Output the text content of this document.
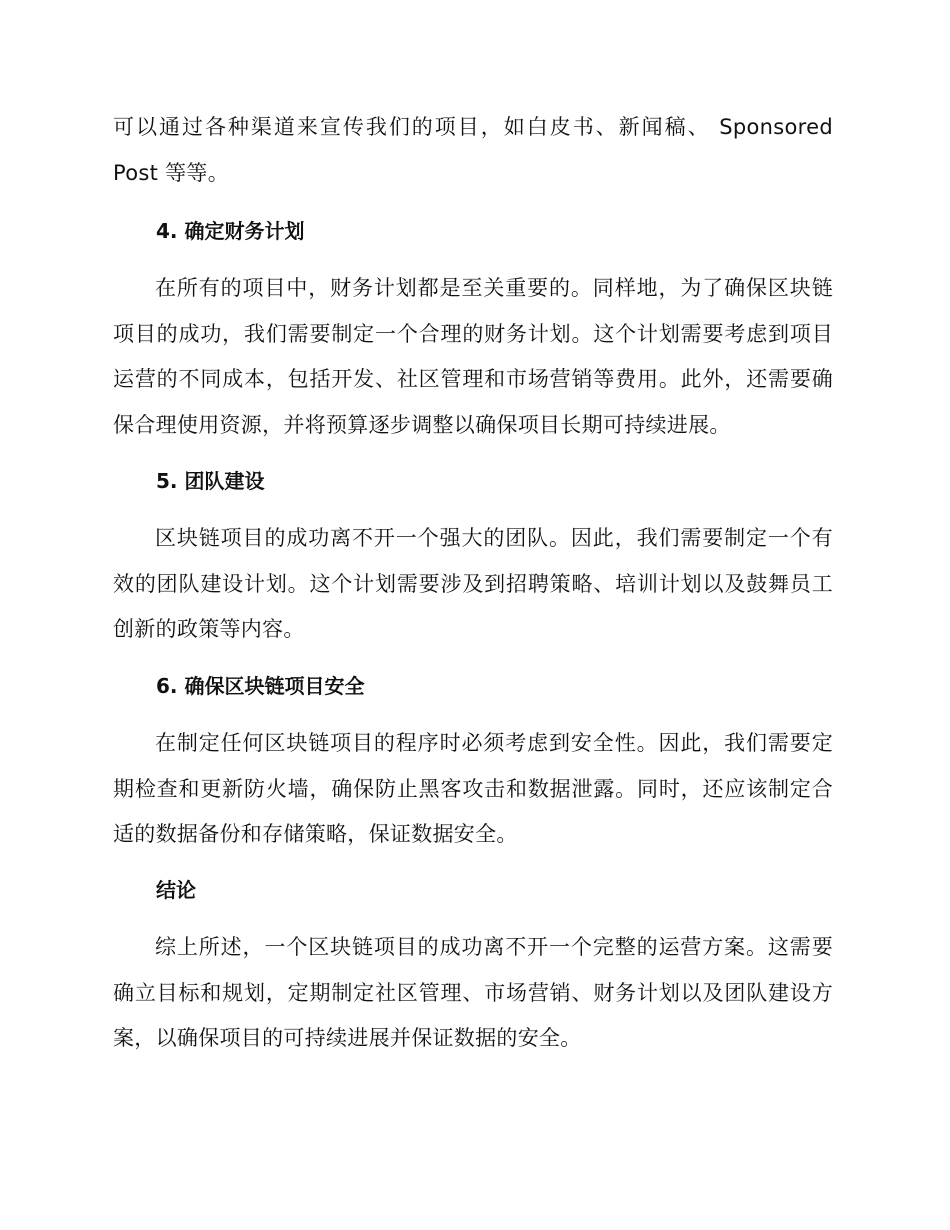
可以通过各种渠道来宣传我们的项目，如白皮书、新闻稿、 Sponsored Post 等等。

4. 确定财务计划

在所有的项目中，财务计划都是至关重要的。同样地，为了确保区块链项目的成功，我们需要制定一个合理的财务计划。这个计划需要考虑到项目运营的不同成本，包括开发、社区管理和市场营销等费用。此外，还需要确保合理使用资源，并将预算逐步调整以确保项目长期可持续进展。

5. 团队建设

区块链项目的成功离不开一个强大的团队。因此，我们需要制定一个有效的团队建设计划。这个计划需要涉及到招聘策略、培训计划以及鼓舞员工创新的政策等内容。

6. 确保区块链项目安全

在制定任何区块链项目的程序时必须考虑到安全性。因此，我们需要定期检查和更新防火墙，确保防止黑客攻击和数据泄露。同时，还应该制定合适的数据备份和存储策略，保证数据安全。

结论

综上所述，一个区块链项目的成功离不开一个完整的运营方案。这需要确立目标和规划，定期制定社区管理、市场营销、财务计划以及团队建设方案，以确保项目的可持续进展并保证数据的安全。
